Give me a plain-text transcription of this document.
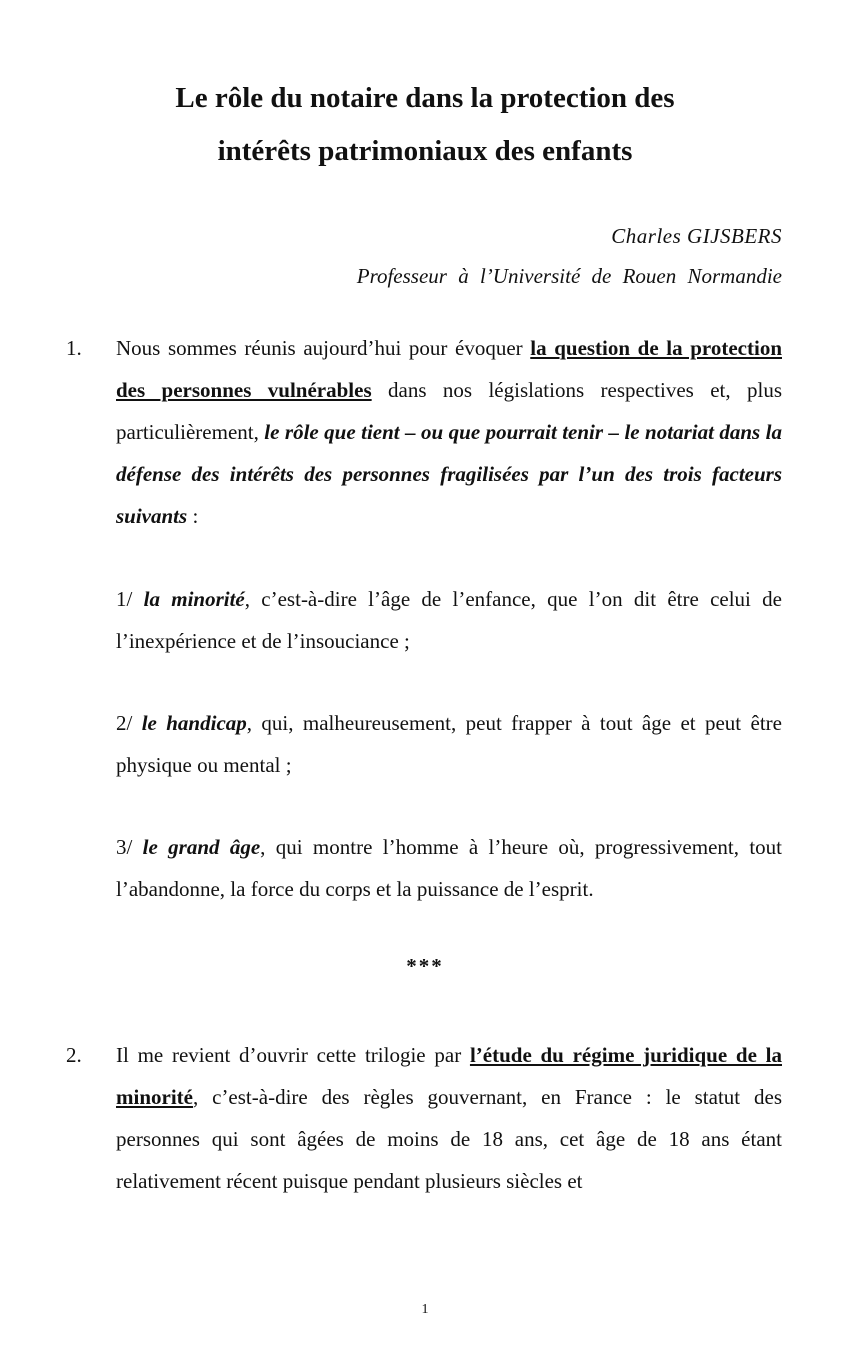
Le rôle du notaire dans la protection des
intérêts patrimoniaux des enfants
Charles GIJSBERS
Professeur à l’Université de Rouen Normandie
1. Nous sommes réunis aujourd’hui pour évoquer la question de la protection des personnes vulnérables dans nos législations respectives et, plus particulièrement, le rôle que tient – ou que pourrait tenir – le notariat dans la défense des intérêts des personnes fragilisées par l’un des trois facteurs suivants :
1/ la minorité, c’est-à-dire l’âge de l’enfance, que l’on dit être celui de l’inexpérience et de l’insouciance ;
2/ le handicap, qui, malheureusement, peut frapper à tout âge et peut être physique ou mental ;
3/ le grand âge, qui montre l’homme à l’heure où, progressivement, tout l’abandonne, la force du corps et la puissance de l’esprit.
***
2. Il me revient d’ouvrir cette trilogie par l’étude du régime juridique de la minorité, c’est-à-dire des règles gouvernant, en France : le statut des personnes qui sont âgées de moins de 18 ans, cet âge de 18 ans étant relativement récent puisque pendant plusieurs siècles et
1
